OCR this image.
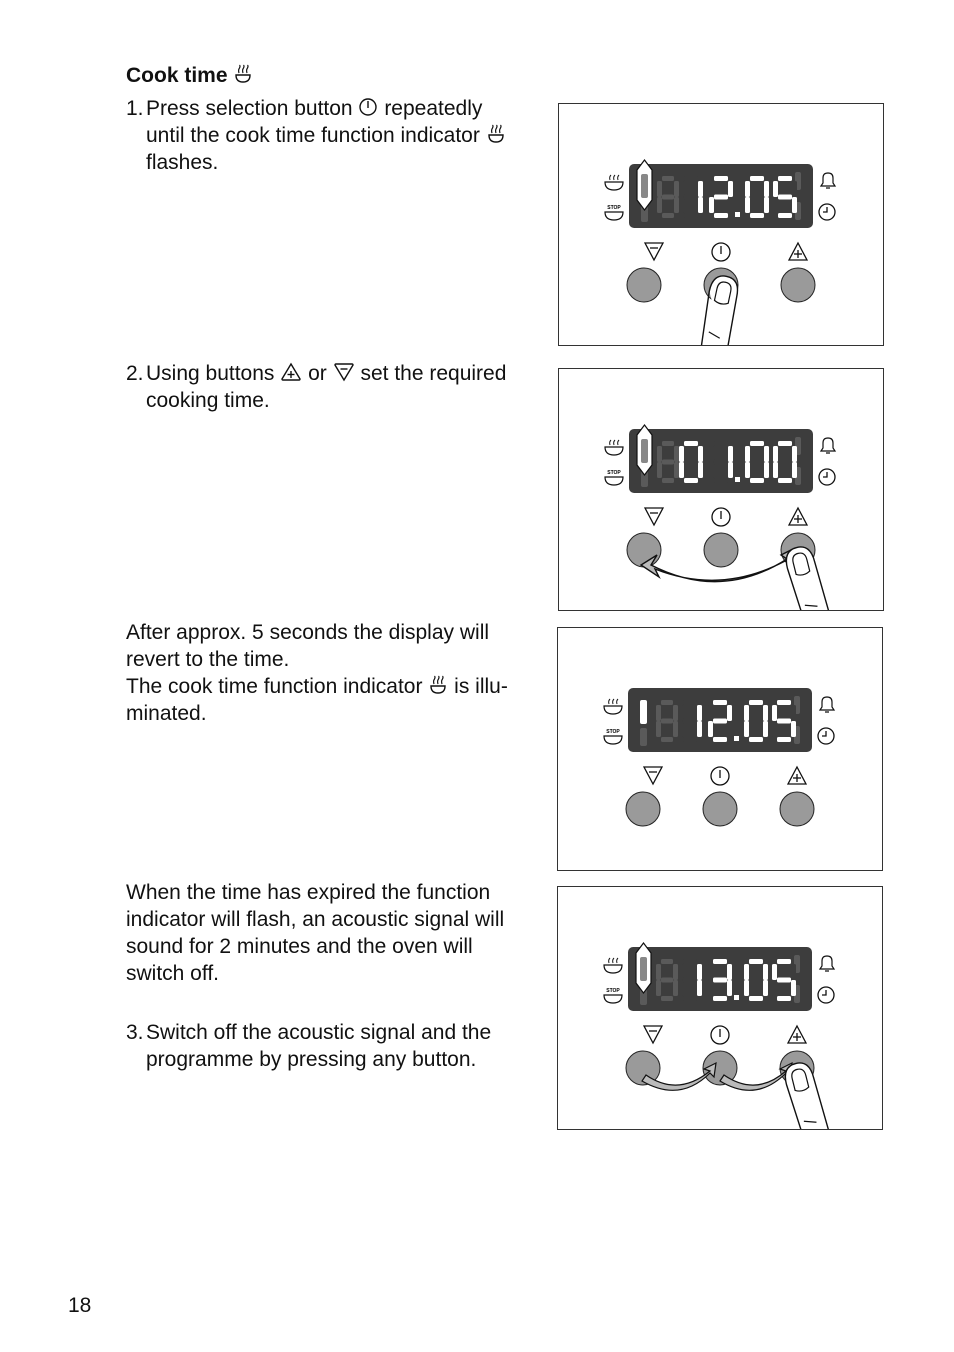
Cook time
1. Press selection button repeatedly
until the cook time function indicator
flashes.
2. Using buttons or set the required
cooking time.
After approx. 5 seconds the display will
revert to the time.
The cook time function indicator is illu-
minated.
When the time has expired the function
indicator will flash, an acoustic signal will
sound for 2 minutes and the oven will
switch off.
3. Switch off the acoustic signal and the
programme by pressing any button.
STOP
STOP
STOP
STOP
18
